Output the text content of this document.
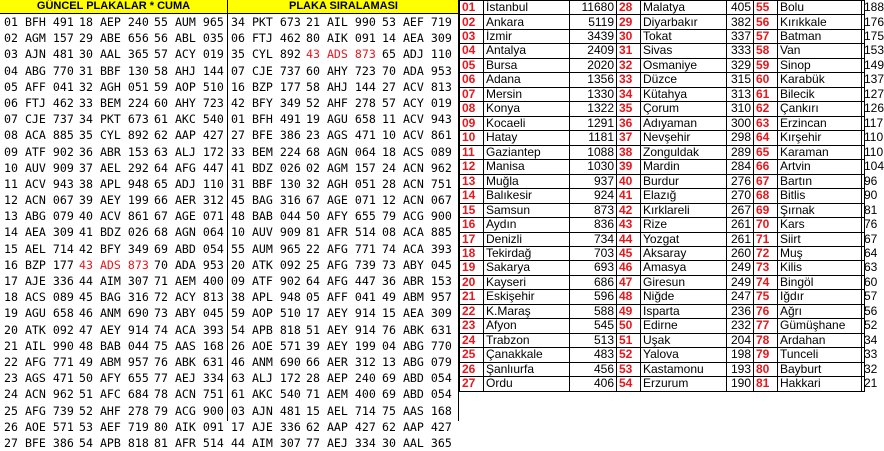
GÜNCEL PLAKALAR * CUMA	PLAKA SIRALAMASI
01 BFH 491 18 AEP 240 55 AUM 965 34 PKT 673 21 AIL 990 53 AEF 719
02 AGM 157 29 ABE 656 56 ABL 035 06 FTJ 462 80 AIK 091 14 AEA 309
03 AJN 481 30 AAL 365 57 ACY 019 35 CYL 892 43 ADS 873 65 ADJ 110
04 ABG 770 31 BBF 130 58 AHJ 144 07 CJE 737 60 AHY 723 70 ADA 953
05 AFF 041 32 AGH 051 59 AOP 510 16 BZP 177 58 AHJ 144 27 ACV 813
06 FTJ 462 33 BEM 224 60 AHY 723 42 BFY 349 52 AHF 278 57 ACY 019
07 CJE 737 34 PKT 673 61 AKC 540 01 BFH 491 19 AGU 658 11 ACV 943
08 ACA 885 35 CYL 892 62 AAP 427 27 BFE 386 23 AGS 471 10 ACV 861
09 ATF 902 36 ABR 153 63 ALJ 172 33 BEM 224 68 AGN 064 18 ACS 089
10 AUV 909 37 AEL 292 64 AFG 447 41 BDZ 026 02 AGM 157 24 ACN 962
11 ACV 943 38 APL 948 65 ADJ 110 31 BBF 130 32 AGH 051 28 ACN 751
12 ACN 067 39 AEY 199 66 AER 312 45 BAG 316 67 AGE 071 12 ACN 067
13 ABG 079 40 ACV 861 67 AGE 071 48 BAB 044 50 AFY 655 79 ACG 900
14 AEA 309 41 BDZ 026 68 AGN 064 10 AUV 909 81 AFR 514 08 ACA 885
15 AEL 714 42 BFY 349 69 ABD 054 55 AUM 965 22 AFG 771 74 ACA 393
16 BZP 177 43 ADS 873 70 ADA 953 20 ATK 092 25 AFG 739 73 ABY 045
17 AJE 336 44 AIM 307 71 AEM 400 09 ATF 902 64 AFG 447 36 ABR 153
18 ACS 089 45 BAG 316 72 ACY 813 38 APL 948 05 AFF 041 49 ABM 957
19 AGU 658 46 ANM 690 73 ABY 045 59 AOP 510 17 AEY 914 15 AEA 309
20 ATK 092 47 AEY 914 74 ACA 393 54 APB 818 51 AEY 914 76 ABK 631
21 AIL 990 48 BAB 044 75 AAS 168 26 AOE 571 39 AEY 199 04 ABG 770
22 AFG 771 49 ABM 957 76 ABK 631 46 ANM 690 66 AER 312 13 ABG 079
23 AGS 471 50 AFY 655 77 AEJ 334 63 ALJ 172 28 AEP 240 69 ABD 054
24 ACN 962 51 AFC 684 78 ACN 751 61 AKC 540 71 AEM 400 69 ABD 054
25 AFG 739 52 AHF 278 79 ACG 900 03 AJN 481 15 AEL 714 75 AAS 168
26 AOE 571 53 AEF 719 80 AIK 091 17 AJE 336 62 AAP 427 62 AAP 427
27 BFE 386 54 APB 818 81 AFR 514 44 AIM 307 77 AEJ 334 30 AAL 365
01	İstanbul	11680	28	Malatya	405	55	Bolu	188
02	Ankara	5119	29	Diyarbakır	382	56	Kırıkkale	176
03	İzmir	3439	30	Tokat	337	57	Batman	175
04	Antalya	2409	31	Sivas	333	58	Van	153
05	Bursa	2020	32	Osmaniye	329	59	Sinop	149
06	Adana	1356	33	Düzce	315	60	Karabük	137
07	Mersin	1330	34	Kütahya	313	61	Bilecik	127
08	Konya	1322	35	Çorum	310	62	Çankırı	126
09	Kocaeli	1291	36	Adıyaman	300	63	Erzincan	117
10	Hatay	1181	37	Nevşehir	298	64	Kırşehir	110
11	Gaziantep	1088	38	Zonguldak	289	65	Karaman	110
12	Manisa	1030	39	Mardin	284	66	Artvin	104
13	Muğla	937	40	Burdur	276	67	Bartın	96
14	Balıkesir	924	41	Elazığ	270	68	Bitlis	90
15	Samsun	873	42	Kırklareli	267	69	Şırnak	81
16	Aydın	836	43	Rize	261	70	Kars	76
17	Denizli	734	44	Yozgat	261	71	Siirt	67
18	Tekirdağ	703	45	Aksaray	260	72	Muş	64
19	Sakarya	693	46	Amasya	249	73	Kilis	63
20	Kayseri	686	47	Giresun	249	74	Bingöl	60
21	Eskişehir	596	48	Niğde	247	75	Iğdır	57
22	K.Maraş	588	49	Isparta	236	76	Ağrı	56
23	Afyon	545	50	Edirne	232	77	Gümüşhane	52
24	Trabzon	513	51	Uşak	204	78	Ardahan	34
25	Çanakkale	483	52	Yalova	198	79	Tunceli	33
26	Şanlıurfa	456	53	Kastamonu	193	80	Bayburt	32
27	Ordu	406	54	Erzurum	190	81	Hakkari	21
